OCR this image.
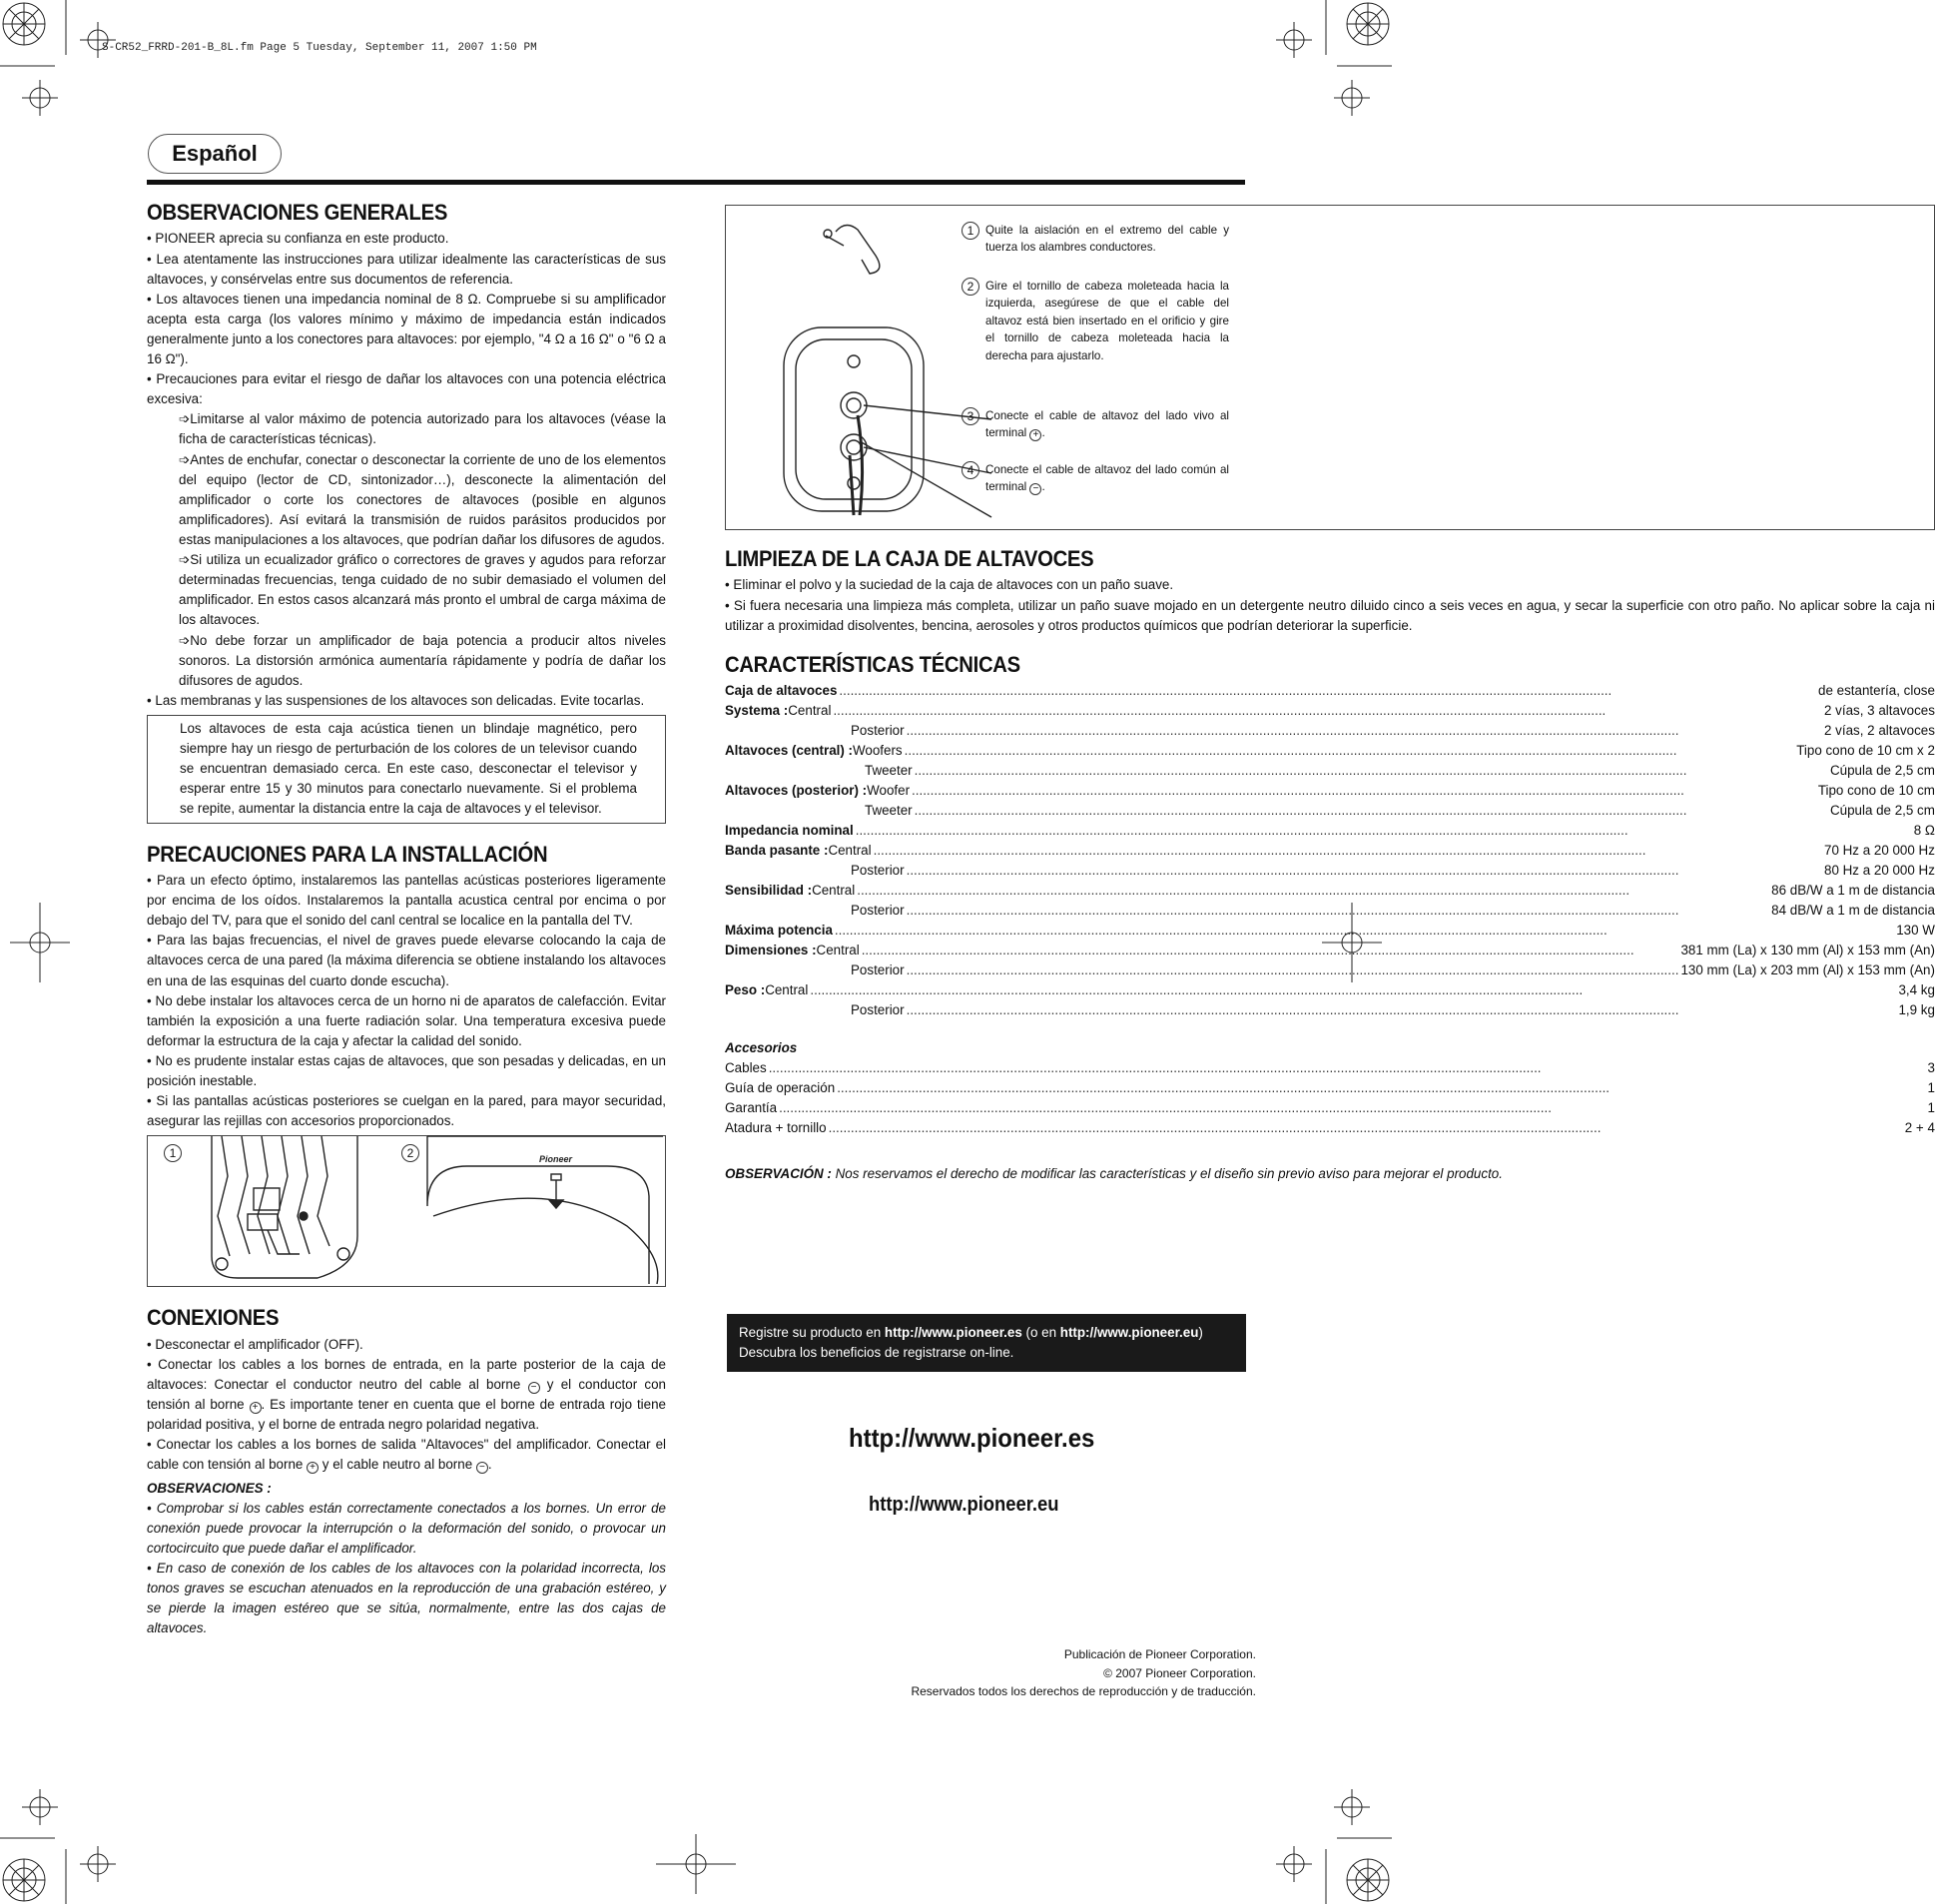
S-CR52_FRRD-201-B_8L.fm Page 5 Tuesday, September 11, 2007 1:50 PM
Español
OBSERVACIONES GENERALES

• PIONEER aprecia su confianza en este producto.

• Lea atentamente las instrucciones para utilizar idealmente las características de sus altavoces, y consérvelas entre sus documentos de referencia.

• Los altavoces tienen una impedancia nominal de 8 Ω. Compruebe si su amplificador acepta esta carga (los valores mínimo y máximo de impedancia están indicados generalmente junto a los conectores para altavoces: por ejemplo, "4 Ω a 16 Ω" o "6 Ω a 16 Ω").

• Precauciones para evitar el riesgo de dañar los altavoces con una potencia eléctrica excesiva:

➩Limitarse al valor máximo de potencia autorizado para los altavoces (véase la ficha de características técnicas).

➩Antes de enchufar, conectar o desconectar la corriente de uno de los elementos del equipo (lector de CD, sintonizador…), desconecte la alimentación del amplificador o corte los conectores de altavoces (posible en algunos amplificadores). Así evitará la transmisión de ruidos parásitos producidos por estas manipulaciones a los altavoces, que podrían dañar los difusores de agudos.

➩Si utiliza un ecualizador gráfico o correctores de graves y agudos para reforzar determinadas frecuencias, tenga cuidado de no subir demasiado el volumen del amplificador. En estos casos alcanzará más pronto el umbral de carga máxima de los altavoces.

➩No debe forzar un amplificador de baja potencia a producir altos niveles sonoros. La distorsión armónica aumentaría rápidamente y podría de dañar los difusores de agudos.

• Las membranas y las suspensiones de los altavoces son delicadas. Evite tocarlas.

Los altavoces de esta caja acústica tienen un blindaje magnético, pero siempre hay un riesgo de perturbación de los colores de un televisor cuando se encuentran demasiado cerca. En este caso, desconectar el televisor y esperar entre 15 y 30 minutos para conectarlo nuevamente. Si el problema se repite, aumentar la distancia entre la caja de altavoces y el televisor.
PRECAUCIONES PARA LA INSTALLACIÓN

• Para un efecto óptimo, instalaremos las pantellas acústicas posteriores ligeramente por encima de los oídos. Instalaremos la pantalla acustica central por encima o por debajo del TV, para que el sonido del canl central se localice en la pantalla del TV.

• Para las bajas frecuencias, el nivel de graves puede elevarse colocando la caja de altavoces cerca de una pared (la máxima diferencia se obtiene instalando los altavoces en una de las esquinas del cuarto donde escucha).

• No debe instalar los altavoces cerca de un horno ni de aparatos de calefacción. Evitar también la exposición a una fuerte radiación solar. Una temperatura excesiva puede deformar la estructura de la caja y afectar la calidad del sonido.

• No es prudente instalar estas cajas de altavoces, que son pesadas y delicadas, en un posición inestable.

• Si las pantallas acústicas posteriores se cuelgan en la pared, para mayor securidad, asegurar las rejillas con accesorios proporcionados.

1	2	Pioneer
CONEXIONES

• Desconectar el amplificador (OFF).

• Conectar los cables a los bornes de entrada, en la parte posterior de la caja de altavoces: Conectar el conductor neutro del cable al borne − y el conductor con tensión al borne + . Es importante tener en cuenta que el borne de entrada rojo tiene polaridad positiva, y el borne de entrada negro polaridad negativa.

• Conectar los cables a los bornes de salida "Altavoces" del amplificador. Conectar el cable con tensión al borne + y el cable neutro al borne − .

OBSERVACIONES :

• Comprobar si los cables están correctamente conectados a los bornes. Un error de conexión puede provocar la interrupción o la deformación del sonido, o provocar un cortocircuito que puede dañar el amplificador.

• En caso de conexión de los cables de los altavoces con la polaridad incorrecta, los tonos graves se escuchan atenuados en la reproducción de una grabación estéreo, y se pierde la imagen estéreo que se sitúa, normalmente, entre las dos cajas de altavoces.

1	Quite la aislación en el extremo del cable y tuerza los alambres conductores.
2	Gire el tornillo de cabeza moleteada hacia la izquierda, asegúrese de que el cable del altavoz está bien insertado en el orificio y gire el tornillo de cabeza moleteada hacia la derecha para ajustarlo.
3	Conecte el cable de altavoz del lado vivo al terminal + .
4	Conecte el cable de altavoz del lado común al terminal − .
LIMPIEZA DE LA CAJA DE ALTAVOCES

• Eliminar el polvo y la suciedad de la caja de altavoces con un paño suave.

• Si fuera necesaria una limpieza más completa, utilizar un paño suave mojado en un detergente neutro diluido cinco a seis veces en agua, y secar la superficie con otro paño. No aplicar sobre la caja ni utilizar a proximidad disolventes, bencina, aerosoles y otros productos químicos que podrían deteriorar la superficie.

CARACTERÍSTICAS TÉCNICAS
Caja de altavoces .....	de estantería, close
Systema : Central .....	2 vías, 3 altavoces
Posterior .....	2 vías, 2 altavoces
Altavoces (central) : Woofers .....	Tipo cono de 10 cm x 2
Tweeter .....	Cúpula de 2,5 cm
Altavoces (posterior) : Woofer .....	Tipo cono de 10 cm
Tweeter .....	Cúpula de 2,5 cm
Impedancia nominal .....	8 Ω
Banda pasante : Central .....	70 Hz a 20 000 Hz
Posterior .....	80 Hz a 20 000 Hz
Sensibilidad : Central .....	86 dB/W a 1 m de distancia
Posterior .....	84 dB/W a 1 m de distancia
Máxima potencia .....	130 W
Dimensiones : Central .....	381 mm (La) x 130 mm (Al) x 153 mm (An)
Posterior .....	130 mm (La) x 203 mm (Al) x 153 mm (An)
Peso : Central .....	3,4 kg
Posterior .....	1,9 kg

Accesorios

Cables .....	3
Guía de operación .....	1
Garantía .....	1
Atadura + tornillo .....	2 + 4

OBSERVACIÓN : Nos reservamos el derecho de modificar las características y el diseño sin previo aviso para mejorar el producto.

Registre su producto en http://www.pioneer.es (o en http://www.pioneer.eu)
Descubra los beneficios de registrarse on-line.
http://www.pioneer.es
http://www.pioneer.eu
Publicación de Pioneer Corporation.
© 2007 Pioneer Corporation.
Reservados todos los derechos de reproducción y de traducción.
